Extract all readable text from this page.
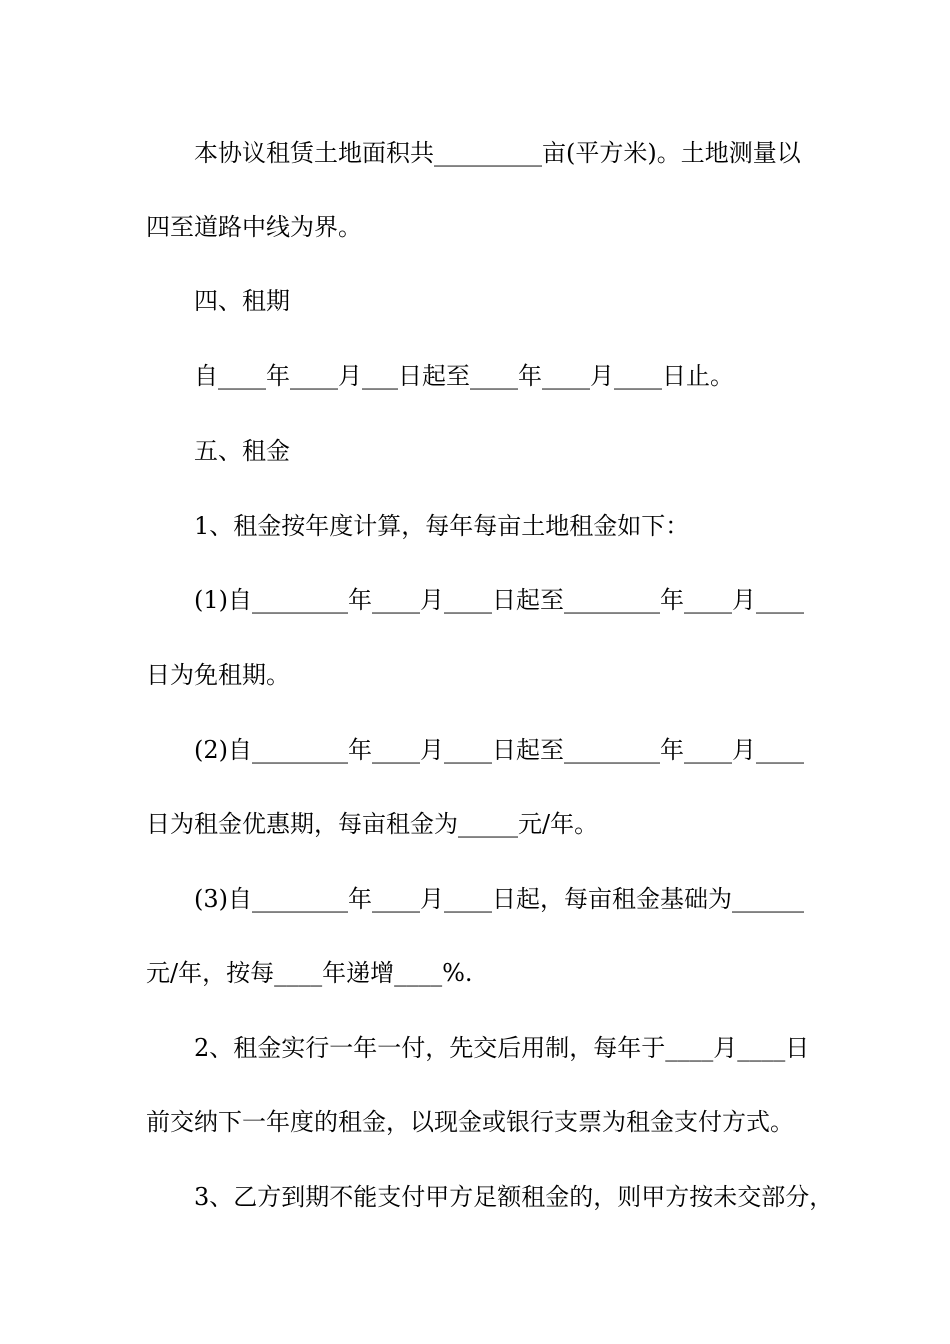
本协议租赁土地面积共_________亩(平方米)。土地测量以

四至道路中线为界。

四、租期

自____年____月___日起至____年____月____日止。

五、租金

1、租金按年度计算，每年每亩土地租金如下：

(1)自________年____月____日起至________年____月____

日为免租期。

(2)自________年____月____日起至________年____月____

日为租金优惠期，每亩租金为_____元/年。

(3)自________年____月____日起，每亩租金基础为______

元/年，按每____年递增____%.

2、租金实行一年一付，先交后用制，每年于____月____日

前交纳下一年度的租金，以现金或银行支票为租金支付方式。

3、乙方到期不能支付甲方足额租金的，则甲方按未交部分，
